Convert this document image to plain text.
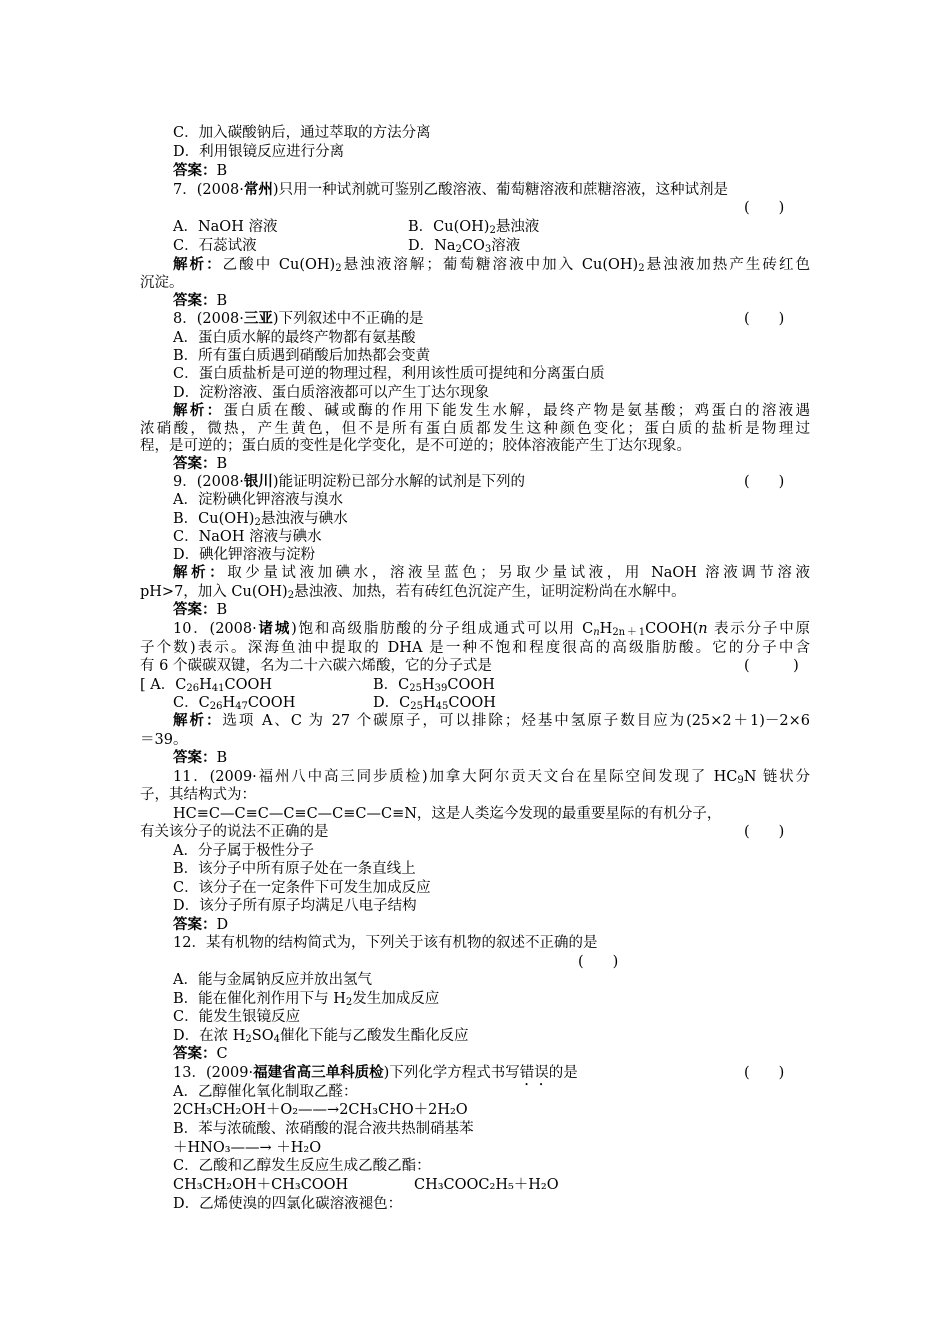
C．加入碳酸钠后，通过萃取的方法分离
D．利用银镜反应进行分离
答案：B
7．(2008·常州)只用一种试剂就可鉴别乙酸溶液、葡萄糖溶液和蔗糖溶液，这种试剂是
(　　)
A．NaOH 溶液	B．$Cu(OH)_2$悬浊液
C．石蕊试液	D．$Na_2CO_3$溶液
解析：乙酸中 $Cu(OH)_2$悬浊液溶解；葡萄糖溶液中加入 $Cu(OH)_2$悬浊液加热产生砖红色
沉淀。
答案：B
8．(2008·三亚)下列叙述中不正确的是	(　　)
A．蛋白质水解的最终产物都有氨基酸
B．所有蛋白质遇到硝酸后加热都会变黄
C．蛋白质盐析是可逆的物理过程，利用该性质可提纯和分离蛋白质
D．淀粉溶液、蛋白质溶液都可以产生丁达尔现象
解析：蛋白质在酸、碱或酶的作用下能发生水解，最终产物是氨基酸；鸡蛋白的溶液遇
浓硝酸，微热，产生黄色，但不是所有蛋白质都发生这种颜色变化；蛋白质的盐析是物理过
程，是可逆的；蛋白质的变性是化学变化，是不可逆的；胶体溶液能产生丁达尔现象。
答案：B
9．(2008·银川)能证明淀粉已部分水解的试剂是下列的	(　　)
A．淀粉碘化钾溶液与溴水
B．$Cu(OH)_2$悬浊液与碘水
C．NaOH 溶液与碘水
D．碘化钾溶液与淀粉
解析：取少量试液加碘水，溶液呈蓝色；另取少量试液，用 NaOH 溶液调节溶液
pH>7，加入 $Cu(OH)_2$悬浊液、加热，若有砖红色沉淀产生，证明淀粉尚在水解中。
答案：B
10．(2008·诸城)饱和高级脂肪酸的分子组成通式可以用 $C_nH_{2n+1}COOH(n$ 表示分子中原
子个数)表示。深海鱼油中提取的 DHA 是一种不饱和程度很高的高级脂肪酸。它的分子中含
有 6 个碳碳双键，名为二十六碳六烯酸，它的分子式是	(　　　)
[ A．$C_{26}H_{41}COOH$	B．$C_{25}H_{39}COOH$
C．$C_{26}H_{47}COOH$	D．$C_{25}H_{45}COOH$
解析：选项 A、C 为 27 个碳原子，可以排除；烃基中氢原子数目应为(25×2＋1)－2×6
＝39。
答案：B
11．(2009·福州八中高三同步质检)加拿大阿尔贡天文台在星际空间发现了 $HC_9N$ 链状分
子，其结构式为：
HC≡C—C≡C—C≡C—C≡C—C≡N，这是人类迄今发现的最重要星际的有机分子，
有关该分子的说法不正确的是	(　　)
A．分子属于极性分子
B．该分子中所有原子处在一条直线上
C．该分子在一定条件下可发生加成反应
D．该分子所有原子均满足八电子结构
答案：D
12．某有机物的结构简式为，下列关于该有机物的叙述不正确的是
(　　)
A．能与金属钠反应并放出氢气
B．能在催化剂作用下与 $H_2$发生加成反应
C．能发生银镜反应
D．在浓 $H_2SO_4$催化下能与乙酸发生酯化反应
答案：C
13．(2009·福建省高三单科质检)下列化学方程式书写错误的是	(　　)
A．乙醇催化氧化制取乙醛：
2CH₃CH₂OH＋O₂——→2CH₃CHO＋2H₂O
B．苯与浓硫酸、浓硝酸的混合液共热制硝基苯
＋HNO₃——→ ＋H₂O
C．乙酸和乙醇发生反应生成乙酸乙酯：
CH₃CH₂OH＋CH₃COOH	CH₃COOC₂H₅＋H₂O
D．乙烯使溴的四氯化碳溶液褪色：
